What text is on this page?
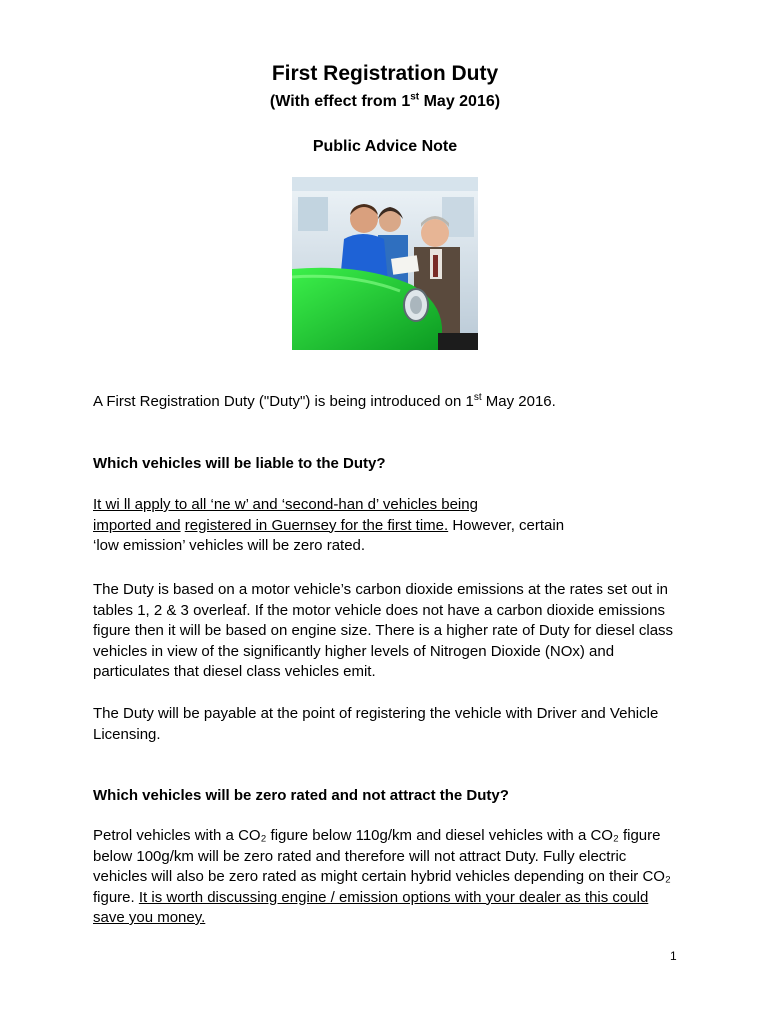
First Registration Duty
(With effect from 1st May 2016)
Public Advice Note

A First Registration Duty ("Duty") is being introduced on 1st May 2016.

Which vehicles will be liable to the Duty?

It wi ll apply to all ‘ne w’ and ‘second-han d’ vehicles being
imported and registered in Guernsey for the first time. However, certain
‘low emission’ vehicles will be zero rated.

The Duty is based on a motor vehicle’s carbon dioxide emissions at the rates set out in tables 1, 2 & 3 overleaf. If the motor vehicle does not have a carbon dioxide emissions figure then it will be based on engine size. There is a higher rate of Duty for diesel class vehicles in view of the significantly higher levels of Nitrogen Dioxide (NOx) and particulates that diesel class vehicles emit.

The Duty will be payable at the point of registering the vehicle with Driver and Vehicle Licensing.

Which vehicles will be zero rated and not attract the Duty?

Petrol vehicles with a CO₂ figure below 110g/km and diesel vehicles with a CO₂ figure below 100g/km will be zero rated and therefore will not attract Duty. Fully electric vehicles will also be zero rated as might certain hybrid vehicles depending on their CO₂ figure. It is worth discussing engine / emission options with your dealer as this could save you money.

1
